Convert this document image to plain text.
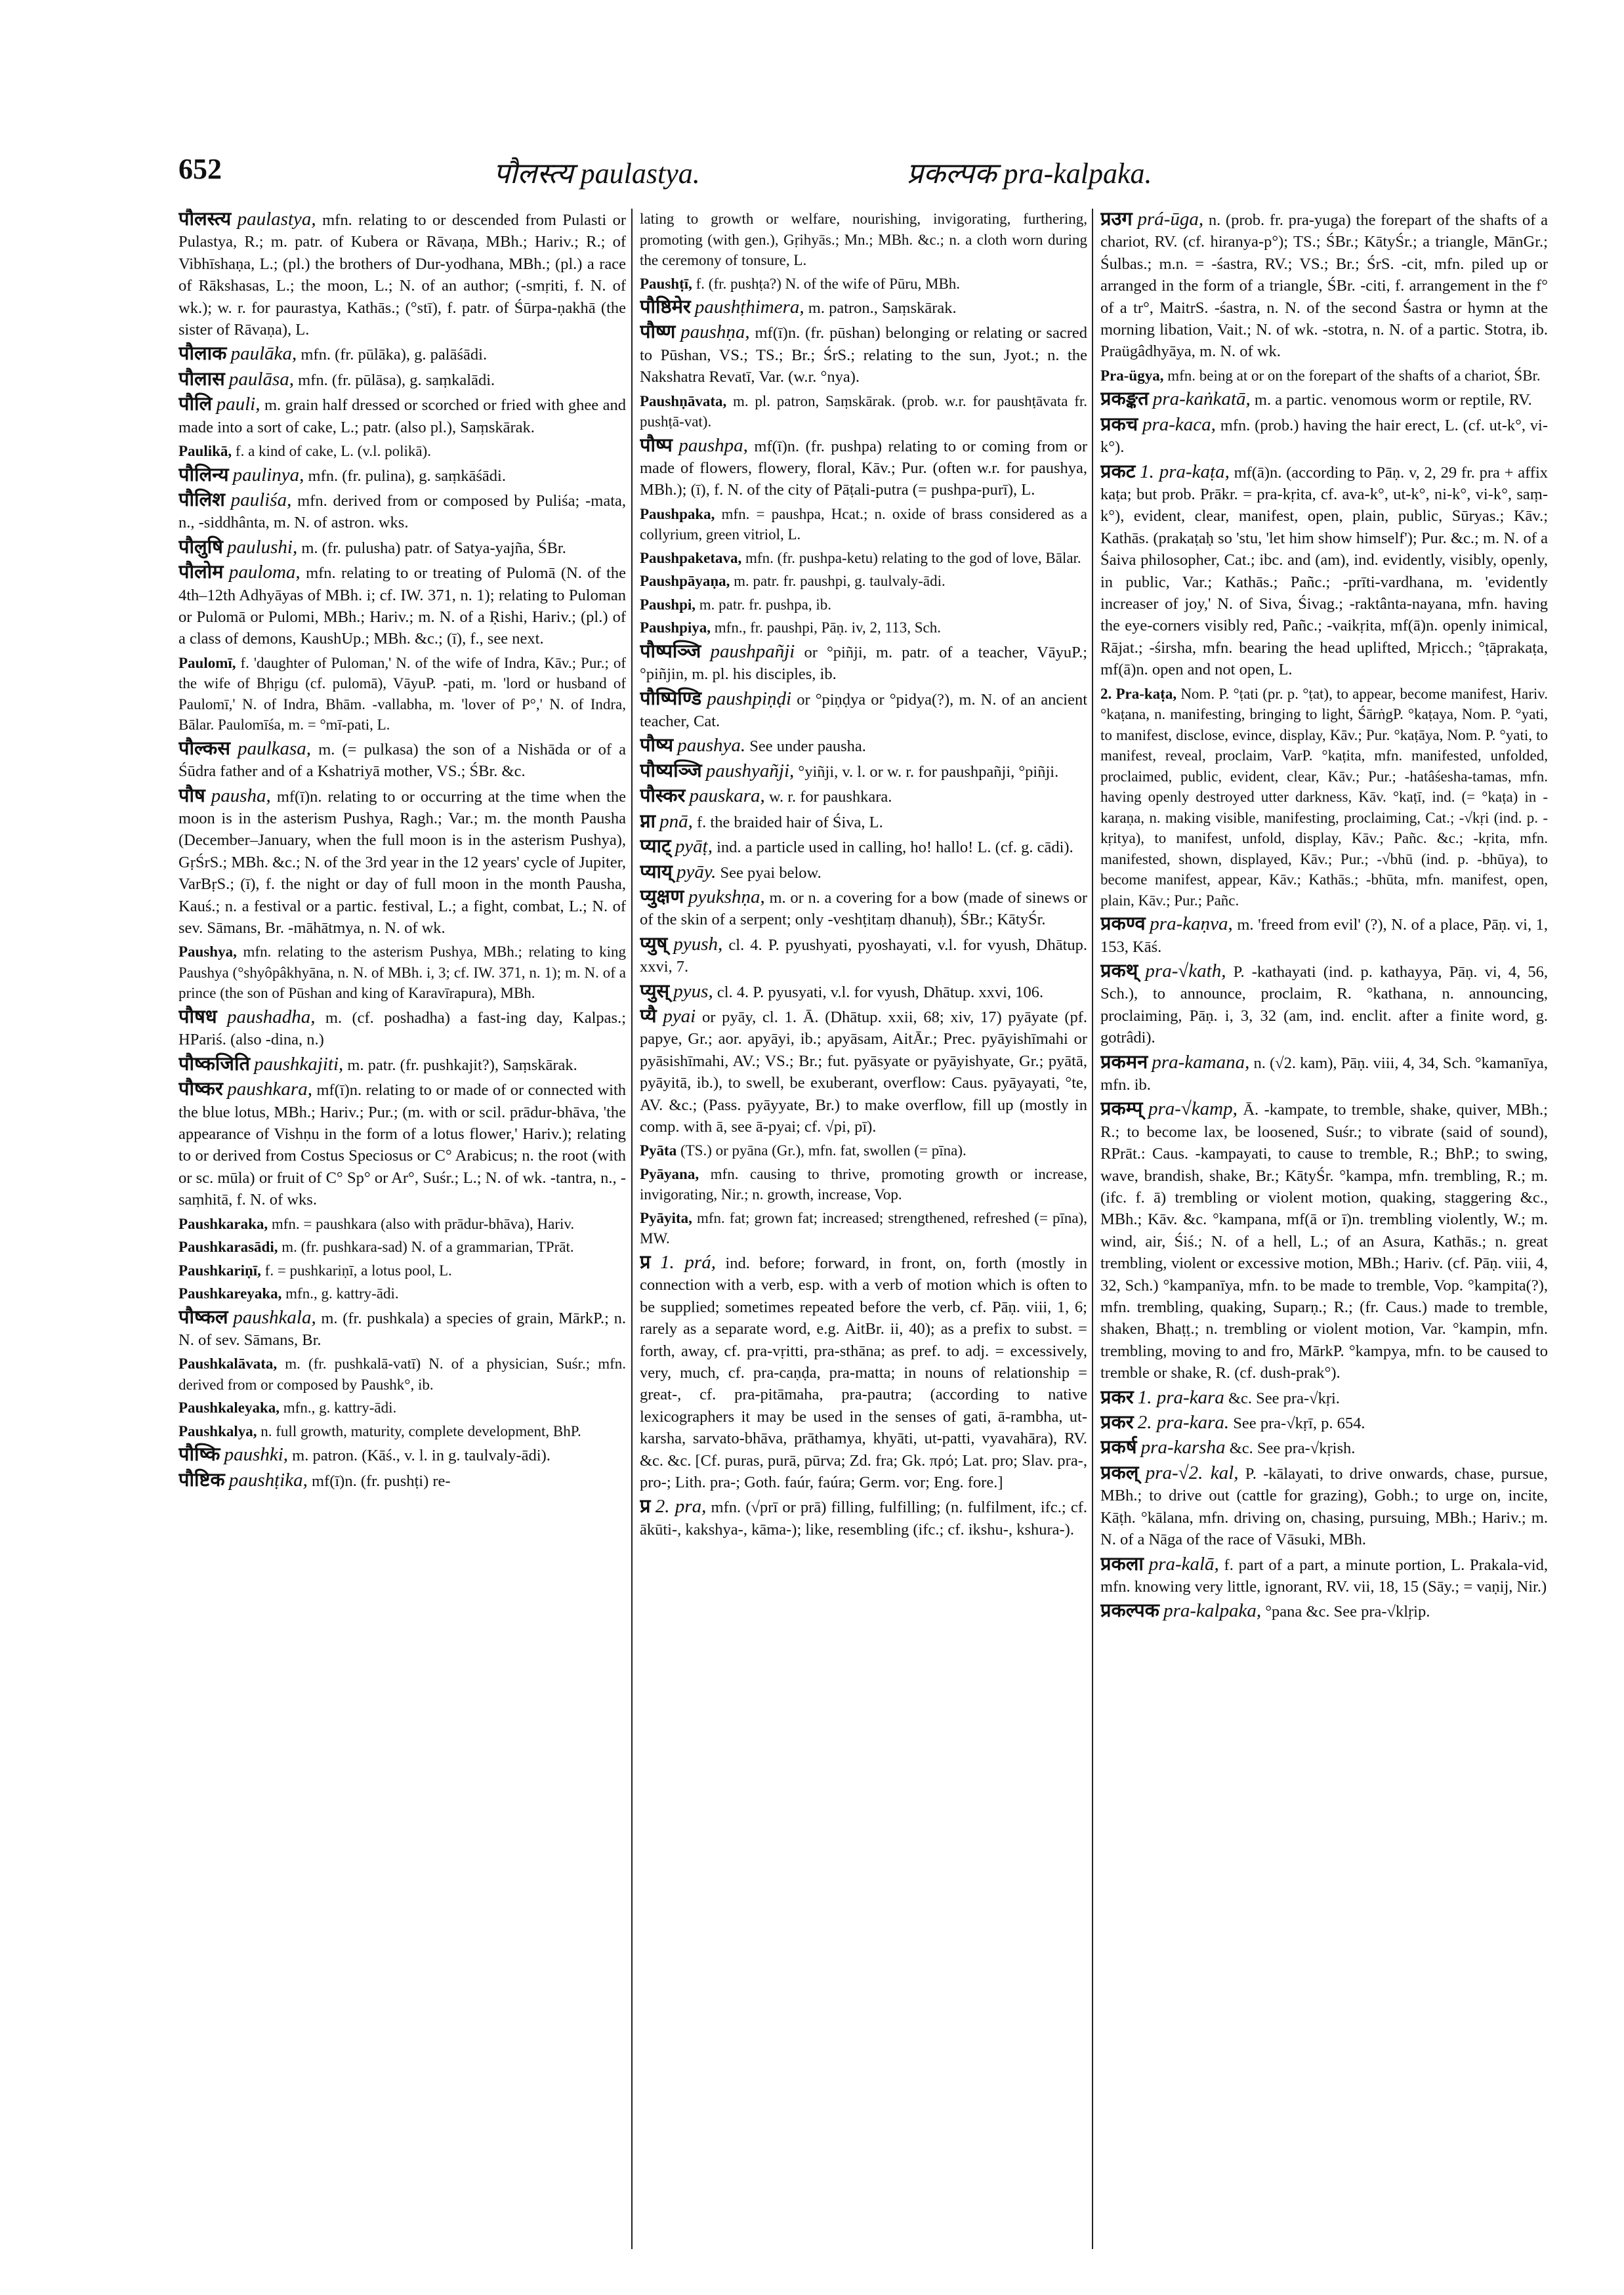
652	पौलस्त्य paulastya.	प्रकल्पक pra-kalpaka.

पौलस्त्य paulastya, mfn. relating to or descended from Pulasti or Pulastya, R.; m. patr. of Kubera or Rāvaṇa, MBh.; Hariv.; R.; of Vibhīshaṇa, L.; (pl.) the brothers of Dur-yodhana, MBh.; (pl.) a race of Rākshasas, L.; the moon, L.; N. of an author; (-smṛiti, f. N. of wk.); w. r. for paurastya, Kathās.; (°stī), f. patr. of Śūrpa-ṇakhā (the sister of Rāvaṇa), L.

पौलाक paulāka, mfn. (fr. pūlāka), g. palāśādi.

पौलास paulāsa, mfn. (fr. pūlāsa), g. saṃkalādi.

पौलि pauli, m. grain half dressed or scorched or fried with ghee and made into a sort of cake, L.; patr. (also pl.), Saṃskārak.

Paulikā, f. a kind of cake, L. (v.l. polikā).

पौलिन्य paulinya, mfn. (fr. pulina), g. saṃkāśādi.

पौलिश pauliśa, mfn. derived from or composed by Puliśa; -mata, n., -siddhânta, m. N. of astron. wks.

पौलुषि paulushi, m. (fr. pulusha) patr. of Satya-yajña, ŚBr.

पौलोम pauloma, mfn. relating to or treating of Pulomā (N. of the 4th–12th Adhyāyas of MBh. i; cf. IW. 371, n. 1); relating to Puloman or Pulomā or Pulomi, MBh.; Hariv.; m. N. of a Ṛishi, Hariv.; (pl.) of a class of demons, KaushUp.; MBh. &c.; (ī), f., see next.

Paulomī, f. 'daughter of Puloman,' N. of the wife of Indra, Kāv.; Pur.; of the wife of Bhṛigu (cf. pulomā), VāyuP. -pati, m. 'lord or husband of Paulomī,' N. of Indra, Bhām. -vallabha, m. 'lover of P°,' N. of Indra, Bālar. Paulomīśa, m. = °mī-pati, L.

पौल्कस paulkasa, m. (= pulkasa) the son of a Nishāda or of a Śūdra father and of a Kshatriyā mother, VS.; ŚBr. &c.

पौष pausha, mf(ī)n. relating to or occurring at the time when the moon is in the asterism Pushya, Ragh.; Var.; m. the month Pausha (December–January, when the full moon is in the asterism Pushya), GṛŚrS.; MBh. &c.; N. of the 3rd year in the 12 years' cycle of Jupiter, VarBṛS.; (ī), f. the night or day of full moon in the month Pausha, Kauś.; n. a festival or a partic. festival, L.; a fight, combat, L.; N. of sev. Sāmans, Br. -māhātmya, n. N. of wk.

Paushya, mfn. relating to the asterism Pushya, MBh.; relating to king Paushya (°shyôpâkhyāna, n. N. of MBh. i, 3; cf. IW. 371, n. 1); m. N. of a prince (the son of Pūshan and king of Karavīrapura), MBh.

पौषध paushadha, m. (cf. poshadha) a fast-ing day, Kalpas.; HPariś. (also -dina, n.)

पौष्कजिति paushkajiti, m. patr. (fr. pushkajit?), Saṃskārak.

पौष्कर paushkara, mf(ī)n. relating to or made of or connected with the blue lotus, MBh.; Hariv.; Pur.; (m. with or scil. prādur-bhāva, 'the appearance of Vishṇu in the form of a lotus flower,' Hariv.); relating to or derived from Costus Speciosus or C° Arabicus; n. the root (with or sc. mūla) or fruit of C° Sp° or Ar°, Suśr.; L.; N. of wk. -tantra, n., -saṃhitā, f. N. of wks.

Paushkaraka, mfn. = paushkara (also with prādur-bhāva), Hariv.

Paushkarasādi, m. (fr. pushkara-sad) N. of a grammarian, TPrāt.

Paushkariṇī, f. = pushkariṇī, a lotus pool, L.

Paushkareyaka, mfn., g. kattry-ādi.

पौष्कल paushkala, m. (fr. pushkala) a species of grain, MārkP.; n. N. of sev. Sāmans, Br.

Paushkalāvata, m. (fr. pushkalā-vatī) N. of a physician, Suśr.; mfn. derived from or composed by Paushk°, ib.

Paushkaleyaka, mfn., g. kattry-ādi.

Paushkalya, n. full growth, maturity, complete development, BhP.

पौष्कि paushki, m. patron. (Kāś., v. l. in g. taulvaly-ādi).

पौष्टिक paushṭika, mf(ī)n. (fr. pushṭi) re-

lating to growth or welfare, nourishing, invigorating, furthering, promoting (with gen.), Gṛihyās.; Mn.; MBh. &c.; n. a cloth worn during the ceremony of tonsure, L.

Paushṭī, f. (fr. pushṭa?) N. of the wife of Pūru, MBh.

पौष्ठिमेर paushṭhimera, m. patron., Saṃskārak.

पौष्ण paushṇa, mf(ī)n. (fr. pūshan) belonging or relating or sacred to Pūshan, VS.; TS.; Br.; ŚrS.; relating to the sun, Jyot.; n. the Nakshatra Revatī, Var. (w.r. °nya).

Paushṇāvata, m. pl. patron, Saṃskārak. (prob. w.r. for paushṭāvata fr. pushṭā-vat).

पौष्प paushpa, mf(ī)n. (fr. pushpa) relating to or coming from or made of flowers, flowery, floral, Kāv.; Pur. (often w.r. for paushya, MBh.); (ī), f. N. of the city of Pāṭali-putra (= pushpa-purī), L.

Paushpaka, mfn. = paushpa, Hcat.; n. oxide of brass considered as a collyrium, green vitriol, L.

Paushpaketava, mfn. (fr. pushpa-ketu) relating to the god of love, Bālar.

Paushpāyaṇa, m. patr. fr. paushpi, g. taulvaly-ādi.

Paushpi, m. patr. fr. pushpa, ib.

Paushpiya, mfn., fr. paushpi, Pāṇ. iv, 2, 113, Sch.

पौष्पञ्जि paushpañji or °piñji, m. patr. of a teacher, VāyuP.; °piñjin, m. pl. his disciples, ib.

पौष्पिण्डि paushpiṇḍi or °piṇḍya or °pidya(?), m. N. of an ancient teacher, Cat.

पौष्य paushya. See under pausha.

पौष्यञ्जि paushyañji, °yiñji, v. l. or w. r. for paushpañji, °piñji.

पौस्कर pauskara, w. r. for paushkara.

प्ना pnā, f. the braided hair of Śiva, L.

प्याट् pyāṭ, ind. a particle used in calling, ho! hallo! L. (cf. g. cādi).

प्याय् pyāy. See pyai below.

प्युक्षण pyukshṇa, m. or n. a covering for a bow (made of sinews or of the skin of a serpent; only -veshṭitaṃ dhanuḥ), ŚBr.; KātyŚr.

प्युष् pyush, cl. 4. P. pyushyati, pyoshayati, v.l. for vyush, Dhātup. xxvi, 7.

प्युस् pyus, cl. 4. P. pyusyati, v.l. for vyush, Dhātup. xxvi, 106.

प्यै pyai or pyāy, cl. 1. Ā. (Dhātup. xxii, 68; xiv, 17) pyāyate (pf. papye, Gr.; aor. apyāyi, ib.; apyāsam, AitĀr.; Prec. pyāyishīmahi or pyāsishīmahi, AV.; VS.; Br.; fut. pyāsyate or pyāyishyate, Gr.; pyātā, pyāyitā, ib.), to swell, be exuberant, overflow: Caus. pyāyayati, °te, AV. &c.; (Pass. pyāyyate, Br.) to make overflow, fill up (mostly in comp. with ā, see ā-pyai; cf. √pi, pī).

Pyāta (TS.) or pyāna (Gr.), mfn. fat, swollen (= pīna).

Pyāyana, mfn. causing to thrive, promoting growth or increase, invigorating, Nir.; n. growth, increase, Vop.

Pyāyita, mfn. fat; grown fat; increased; strengthened, refreshed (= pīna), MW.

प्र 1. prá, ind. before; forward, in front, on, forth (mostly in connection with a verb, esp. with a verb of motion which is often to be supplied; sometimes repeated before the verb, cf. Pāṇ. viii, 1, 6; rarely as a separate word, e.g. AitBr. ii, 40); as a prefix to subst. = forth, away, cf. pra-vṛitti, pra-sthāna; as pref. to adj. = excessively, very, much, cf. pra-caṇḍa, pra-matta; in nouns of relationship = great-, cf. pra-pitāmaha, pra-pautra; (according to native lexicographers it may be used in the senses of gati, ā-rambha, ut-karsha, sarvato-bhāva, prāthamya, khyāti, ut-patti, vyavahāra), RV. &c. &c. [Cf. puras, purā, pūrva; Zd. fra; Gk. πρό; Lat. pro; Slav. pra-, pro-; Lith. pra-; Goth. faúr, faúra; Germ. vor; Eng. fore.]

प्र 2. pra, mfn. (√prī or prā) filling, fulfilling; (n. fulfilment, ifc.; cf. ākūti-, kakshya-, kāma-); like, resembling (ifc.; cf. ikshu-, kshura-).

प्रउग prá-ūga, n. (prob. fr. pra-yuga) the forepart of the shafts of a chariot, RV. (cf. hiranya-p°); TS.; ŚBr.; KātyŚr.; a triangle, MānGr.; Śulbas.; m.n. = -śastra, RV.; VS.; Br.; ŚrS. -cit, mfn. piled up or arranged in the form of a triangle, ŚBr. -citi, f. arrangement in the f° of a tr°, MaitrS. -śastra, n. N. of the second Śastra or hymn at the morning libation, Vait.; N. of wk. -stotra, n. N. of a partic. Stotra, ib. Praügâdhyāya, m. N. of wk.

Pra-ügya, mfn. being at or on the forepart of the shafts of a chariot, ŚBr.

प्रकङ्कत pra-kaṅkatā, m. a partic. venomous worm or reptile, RV.

प्रकच pra-kaca, mfn. (prob.) having the hair erect, L. (cf. ut-k°, vi-k°).

प्रकट 1. pra-kaṭa, mf(ā)n. (according to Pāṇ. v, 2, 29 fr. pra + affix kaṭa; but prob. Prākr. = pra-kṛita, cf. ava-k°, ut-k°, ni-k°, vi-k°, saṃ-k°), evident, clear, manifest, open, plain, public, Sūryas.; Kāv.; Kathās. (prakaṭaḥ so 'stu, 'let him show himself'); Pur. &c.; m. N. of a Śaiva philosopher, Cat.; ibc. and (am), ind. evidently, visibly, openly, in public, Var.; Kathās.; Pañc.; -prīti-vardhana, m. 'evidently increaser of joy,' N. of Siva, Śivag.; -raktânta-nayana, mfn. having the eye-corners visibly red, Pañc.; -vaikṛita, mf(ā)n. openly inimical, Rājat.; -śirsha, mfn. bearing the head uplifted, Mṛicch.; °ṭāprakaṭa, mf(ā)n. open and not open, L.

2. Pra-kaṭa, Nom. P. °ṭati (pr. p. °ṭat), to appear, become manifest, Hariv. °kaṭana, n. manifesting, bringing to light, ŚārṅgP. °kaṭaya, Nom. P. °yati, to manifest, disclose, evince, display, Kāv.; Pur. °kaṭāya, Nom. P. °yati, to manifest, reveal, proclaim, VarP. °kaṭita, mfn. manifested, unfolded, proclaimed, public, evident, clear, Kāv.; Pur.; -hatâśesha-tamas, mfn. having openly destroyed utter darkness, Kāv. °kaṭī, ind. (= °kaṭa) in -karaṇa, n. making visible, manifesting, proclaiming, Cat.; -√kṛi (ind. p. -kṛitya), to manifest, unfold, display, Kāv.; Pañc. &c.; -kṛita, mfn. manifested, shown, displayed, Kāv.; Pur.; -√bhū (ind. p. -bhūya), to become manifest, appear, Kāv.; Kathās.; -bhūta, mfn. manifest, open, plain, Kāv.; Pur.; Pañc.

प्रकण्व pra-kaṇva, m. 'freed from evil' (?), N. of a place, Pāṇ. vi, 1, 153, Kāś.

प्रकथ् pra-√kath, P. -kathayati (ind. p. kathayya, Pāṇ. vi, 4, 56, Sch.), to announce, proclaim, R. °kathana, n. announcing, proclaiming, Pāṇ. i, 3, 32 (am, ind. enclit. after a finite word, g. gotrâdi).

प्रकमन pra-kamana, n. (√2. kam), Pāṇ. viii, 4, 34, Sch. °kamanīya, mfn. ib.

प्रकम्प् pra-√kamp, Ā. -kampate, to tremble, shake, quiver, MBh.; R.; to become lax, be loosened, Suśr.; to vibrate (said of sound), RPrāt.: Caus. -kampayati, to cause to tremble, R.; BhP.; to swing, wave, brandish, shake, Br.; KātyŚr. °kampa, mfn. trembling, R.; m. (ifc. f. ā) trembling or violent motion, quaking, staggering &c., MBh.; Kāv. &c. °kampana, mf(ā or ī)n. trembling violently, W.; m. wind, air, Śiś.; N. of a hell, L.; of an Asura, Kathās.; n. great trembling, violent or excessive motion, MBh.; Hariv. (cf. Pāṇ. viii, 4, 32, Sch.) °kampanīya, mfn. to be made to tremble, Vop. °kampita(?), mfn. trembling, quaking, Suparṇ.; R.; (fr. Caus.) made to tremble, shaken, Bhaṭṭ.; n. trembling or violent motion, Var. °kampin, mfn. trembling, moving to and fro, MārkP. °kampya, mfn. to be caused to tremble or shake, R. (cf. dush-prak°).

प्रकर 1. pra-kara &c. See pra-√kṛi.

प्रकर 2. pra-kara. See pra-√kṛī, p. 654.

प्रकर्ष pra-karsha &c. See pra-√kṛish.

प्रकल् pra-√2. kal, P. -kālayati, to drive onwards, chase, pursue, MBh.; to drive out (cattle for grazing), Gobh.; to urge on, incite, Kāṭh. °kālana, mfn. driving on, chasing, pursuing, MBh.; Hariv.; m. N. of a Nāga of the race of Vāsuki, MBh.

प्रकला pra-kalā, f. part of a part, a minute portion, L. Prakala-vid, mfn. knowing very little, ignorant, RV. vii, 18, 15 (Sāy.; = vaṇij, Nir.)

प्रकल्पक pra-kalpaka, °pana &c. See pra-√klṛip.
